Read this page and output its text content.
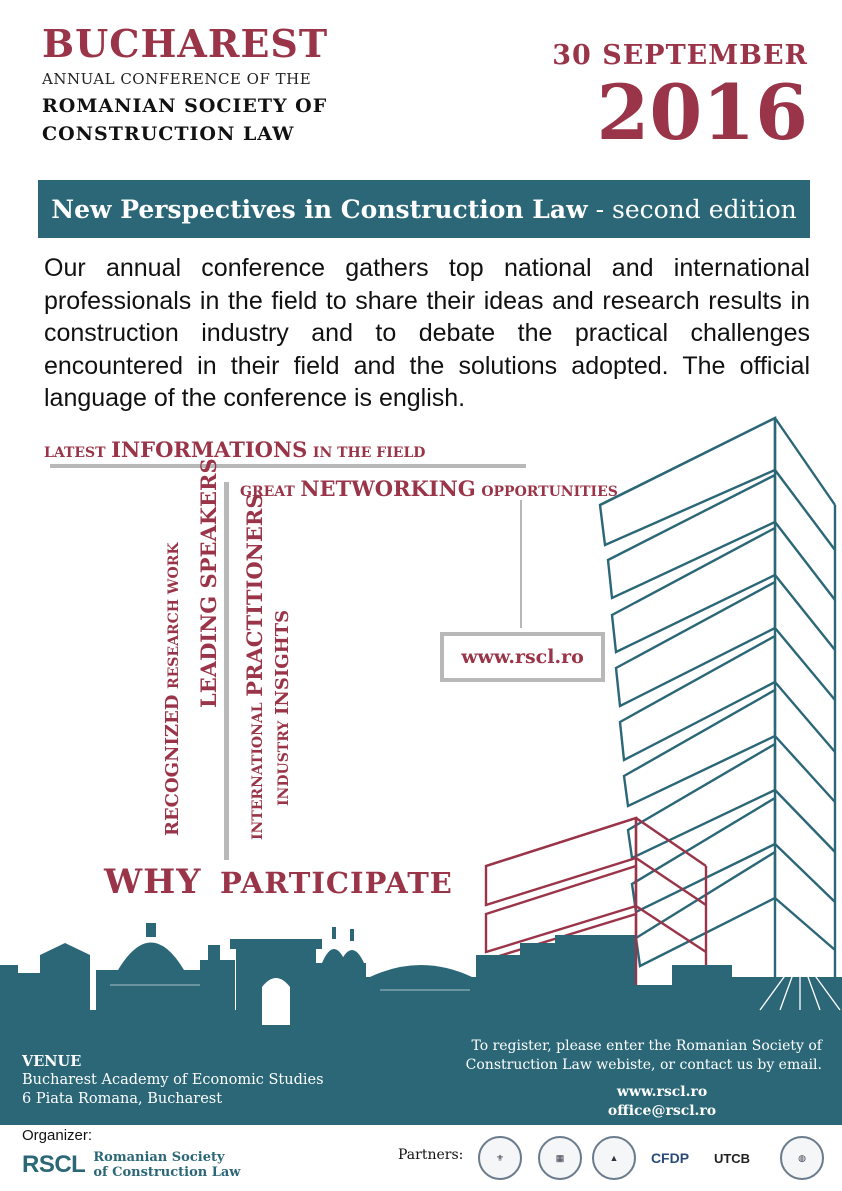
BUCHAREST
ANNUAL CONFERENCE OF THE
ROMANIAN SOCIETY OF
CONSTRUCTION LAW
30 SEPTEMBER
2016
New Perspectives in Construction Law - second edition
Our annual conference gathers top national and international professionals in the field to share their ideas and research results in construction industry and to debate the practical challenges encountered in their field and the solutions adopted. The official language of the conference is english.
LATEST INFORMATIONS IN THE FIELD
GREAT NETWORKING OPPORTUNITIES
RECOGNIZED RESEARCH WORK LEADING SPEAKERS
INTERNATIONAL PRACTITIONERS
INDUSTRY INSIGHTS	www.rscl.ro
WHY PARTICIPATE
VENUE
Bucharest Academy of Economic Studies
6 Piata Romana, Bucharest
To register, please enter the Romanian Society of Construction Law webiste, or contact us by email.
www.rscl.ro
office@rscl.ro
Organizer:
RSCL Romanian Society
of Construction Law
Partners:	⚜	▦	▲	CFDP	UTCB	◍
